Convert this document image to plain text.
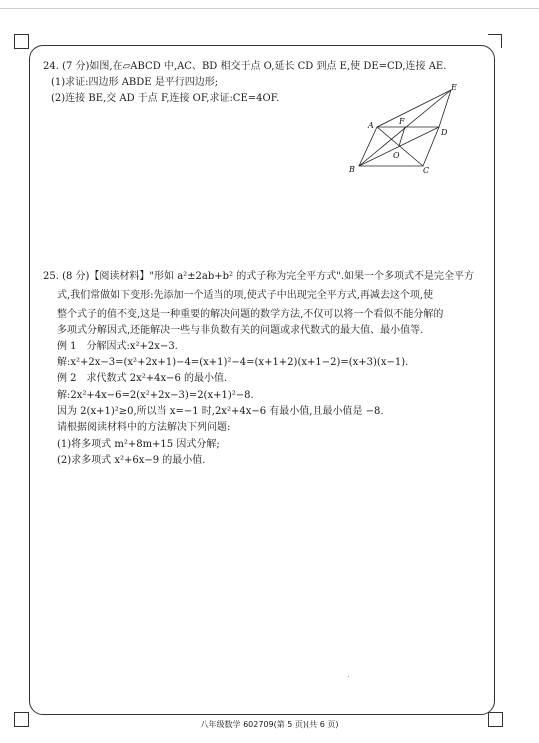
24. (7 分)如图,在▱ABCD 中,AC、BD 相交于点 O,延长 CD 到点 E,使 DE=CD,连接 AE.
(1)求证:四边形 ABDE 是平行四边形;
(2)连接 BE,交 AD 于点 F,连接 OF,求证:CE=4OF.
A
B	C
D
E
F
O
25. (8 分)【阅读材料】"形如 a²±2ab+b² 的式子称为完全平方式".如果一个多项式不是完全平方
式,我们常做如下变形:先添加一个适当的项,使式子中出现完全平方式,再减去这个项,使
整个式子的值不变,这是一种重要的解决问题的数学方法,不仅可以将一个看似不能分解的
多项式分解因式,还能解决一些与非负数有关的问题或求代数式的最大值、最小值等.
例 1　分解因式:x²+2x−3.
解:x²+2x−3=(x²+2x+1)−4=(x+1)²−4=(x+1+2)(x+1−2)=(x+3)(x−1).
例 2　求代数式 2x²+4x−6 的最小值.
解:2x²+4x−6=2(x²+2x−3)=2(x+1)²−8.
因为 2(x+1)²≥0,所以当 x=−1 时,2x²+4x−6 有最小值,且最小值是 −8.
请根据阅读材料中的方法解决下列问题:
(1)将多项式 m²+8m+15 因式分解;
(2)求多项式 x²+6x−9 的最小值.
八年级数学 602709(第 5 页)(共 6 页)
